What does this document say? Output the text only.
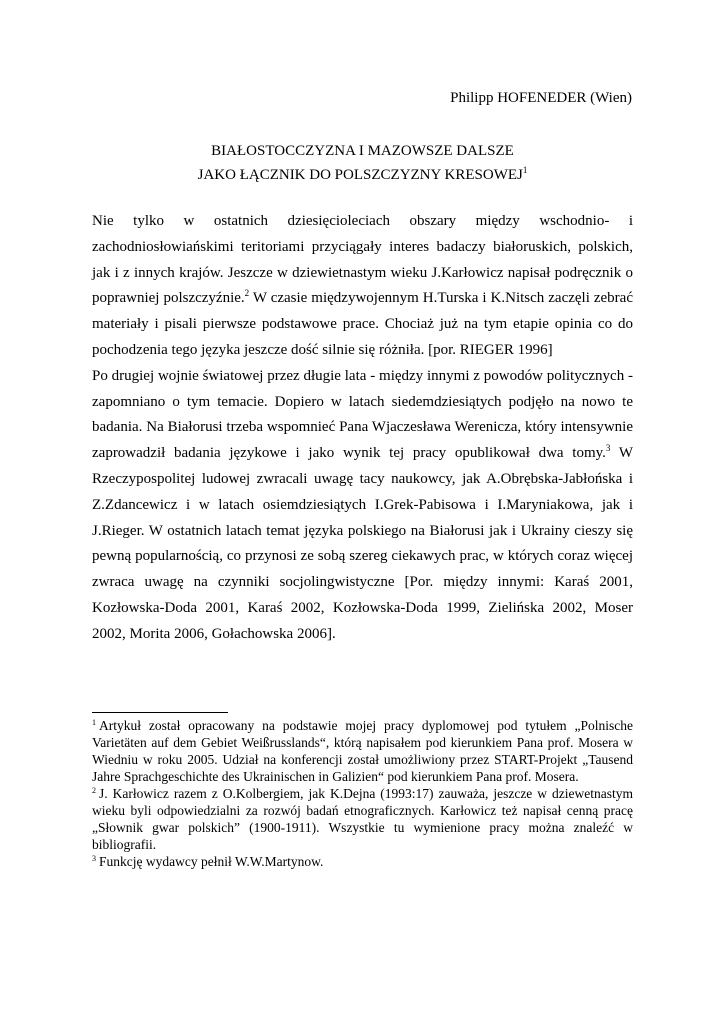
Philipp HOFENEDER (Wien)
BIAŁOSTOCCZYZNA I MAZOWSZE DALSZE
JAKO ŁĄCZNIK DO POLSZCZYZNY KRESOWEJ$^1$

Nie tylko w ostatnich dziesięcioleciach obszary między wschodnio- i zachodniosłowiańskimi teritoriami przyciągały interes badaczy białoruskich, polskich, jak i z innych krajów. Jeszcze w dziewietnastym wieku J.Karłowicz napisał podręcznik o poprawniej polszczyźnie.$^2$ W czasie międzywojennym H.Turska i K.Nitsch zaczęli zebrać materiały i pisali pierwsze podstawowe prace. Chociaż już na tym etapie opinia co do pochodzenia tego języka jeszcze dość silnie się różniła. [por. RIEGER 1996]

Po drugiej wojnie światowej przez długie lata - między innymi z powodów politycznych - zapomniano o tym temacie. Dopiero w latach siedemdziesiątych podjęło na nowo te badania. Na Białorusi trzeba wspomnieć Pana Wjaczesława Werenicza, który intensywnie zaprowadził badania językowe i jako wynik tej pracy opublikował dwa tomy.$^3$ W Rzeczypospolitej ludowej zwracali uwagę tacy naukowcy, jak A.Obrębska-Jabłońska i Z.Zdancewicz i w latach osiemdziesiątych I.Grek-Pabisowa i I.Maryniakowa, jak i J.Rieger. W ostatnich latach temat języka polskiego na Białorusi jak i Ukrainy cieszy się pewną popularnością, co przynosi ze sobą szereg ciekawych prac, w których coraz więcej zwraca uwagę na czynniki socjolingwistyczne [Por. między innymi: Karaś 2001, Kozłowska-Doda 2001, Karaś 2002, Kozłowska-Doda 1999, Zielińska 2002, Moser 2002, Morita 2006, Gołachowska 2006].

$^1$ Artykuł został opracowany na podstawie mojej pracy dyplomowej pod tytułem „Polnische Varietäten auf dem Gebiet Weißrusslands“, którą napisałem pod kierunkiem Pana prof. Mosera w Wiedniu w roku 2005. Udział na konferencji został umożliwiony przez START-Projekt „Tausend Jahre Sprachgeschichte des Ukrainischen in Galizien“ pod kierunkiem Pana prof. Mosera.

$^2$ J. Karłowicz razem z O.Kolbergiem, jak K.Dejna (1993:17) zauważa, jeszcze w dziewetnastym wieku byli odpowiedzialni za rozwój badań etnograficznych. Karłowicz też napisał cenną pracę „Słownik gwar polskich” (1900-1911). Wszystkie tu wymienione pracy można znaleźć w bibliografii.

$^3$ Funkcję wydawcy pełnił W.W.Martynow.
